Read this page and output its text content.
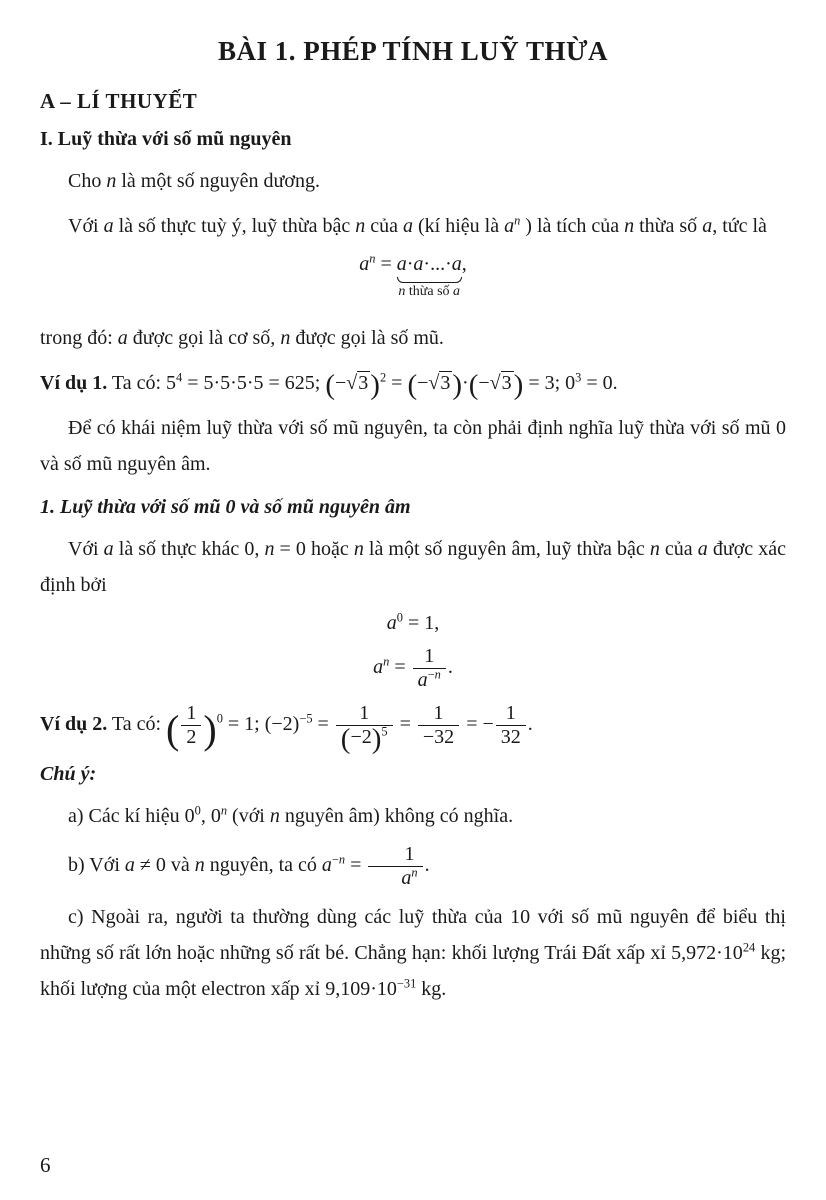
BÀI 1. PHÉP TÍNH LUỸ THỪA
A – LÍ THUYẾT
I. Luỹ thừa với số mũ nguyên

Cho n là một số nguyên dương.

Với a là số thực tuỳ ý, luỹ thừa bậc n của a (kí hiệu là $a^n$ ) là tích của n thừa số a, tức là

$a^n = a\cdot a\cdot...\cdot a$
n thừa số a
,

trong đó: a được gọi là cơ số, n được gọi là số mũ.

Ví dụ 1. Ta có: $5^4 = 5\cdot 5\cdot 5\cdot 5 = 625$; $(-√3)^2 = (-√3)\cdot(-√3) = 3$; $0^3 = 0$.

Để có khái niệm luỹ thừa với số mũ nguyên, ta còn phải định nghĩa luỹ thừa với số mũ 0 và số mũ nguyên âm.

1. Luỹ thừa với số mũ 0 và số mũ nguyên âm

Với a là số thực khác 0, n = 0 hoặc n là một số nguyên âm, luỹ thừa bậc n của a được xác định bởi

$a^0 = 1$,
$a^n = \frac{1}{a^{-n}}$ .

Ví dụ 2. Ta có: ( $\frac{1}{2} )^0 = 1$; $(-2)^{-5} = \frac{1}{(-2)^5} = \frac{1}{-32}$ = − $\frac{1}{32}$ .

Chú ý:

a) Các kí hiệu $0^0$, 0$^n$ (với n nguyên âm) không có nghĩa.

b) Với a ≠ 0 và n nguyên, ta có $a^{-n} = \frac{1}{a^n}$ .

c) Ngoài ra, người ta thường dùng các luỹ thừa của 10 với số mũ nguyên để biểu thị những số rất lớn hoặc những số rất bé. Chẳng hạn: khối lượng Trái Đất xấp xỉ $5,972\cdot 10^{24}$ kg; khối lượng của một electron xấp xỉ $9,109\cdot 10^{-31}$ kg.

6
